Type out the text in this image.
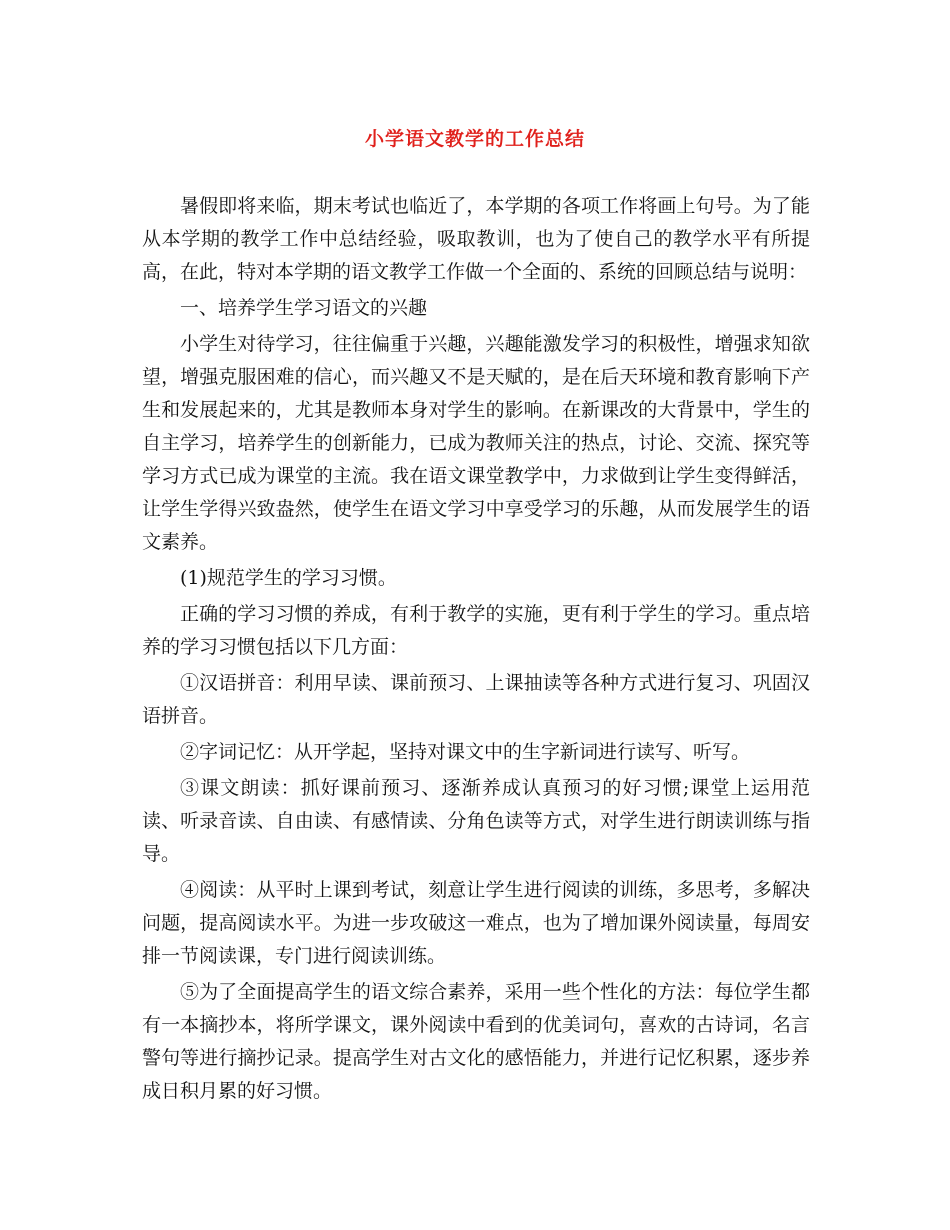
小学语文教学的工作总结

暑假即将来临，期末考试也临近了，本学期的各项工作将画上句号。为了能从本学期的教学工作中总结经验，吸取教训，也为了使自己的教学水平有所提高，在此，特对本学期的语文教学工作做一个全面的、系统的回顾总结与说明：

一、培养学生学习语文的兴趣

小学生对待学习，往往偏重于兴趣，兴趣能激发学习的积极性，增强求知欲望，增强克服困难的信心，而兴趣又不是天赋的，是在后天环境和教育影响下产生和发展起来的，尤其是教师本身对学生的影响。在新课改的大背景中，学生的自主学习，培养学生的创新能力，已成为教师关注的热点，讨论、交流、探究等学习方式已成为课堂的主流。我在语文课堂教学中，力求做到让学生变得鲜活，让学生学得兴致盎然，使学生在语文学习中享受学习的乐趣，从而发展学生的语文素养。

(1)规范学生的学习习惯。

正确的学习习惯的养成，有利于教学的实施，更有利于学生的学习。重点培养的学习习惯包括以下几方面：

①汉语拼音：利用早读、课前预习、上课抽读等各种方式进行复习、巩固汉语拼音。

②字词记忆：从开学起，坚持对课文中的生字新词进行读写、听写。

③课文朗读：抓好课前预习、逐渐养成认真预习的好习惯;课堂上运用范读、听录音读、自由读、有感情读、分角色读等方式，对学生进行朗读训练与指导。

④阅读：从平时上课到考试，刻意让学生进行阅读的训练，多思考，多解决问题，提高阅读水平。为进一步攻破这一难点，也为了增加课外阅读量，每周安排一节阅读课，专门进行阅读训练。

⑤为了全面提高学生的语文综合素养，采用一些个性化的方法：每位学生都有一本摘抄本，将所学课文，课外阅读中看到的优美词句，喜欢的古诗词，名言警句等进行摘抄记录。提高学生对古文化的感悟能力，并进行记忆积累，逐步养成日积月累的好习惯。
